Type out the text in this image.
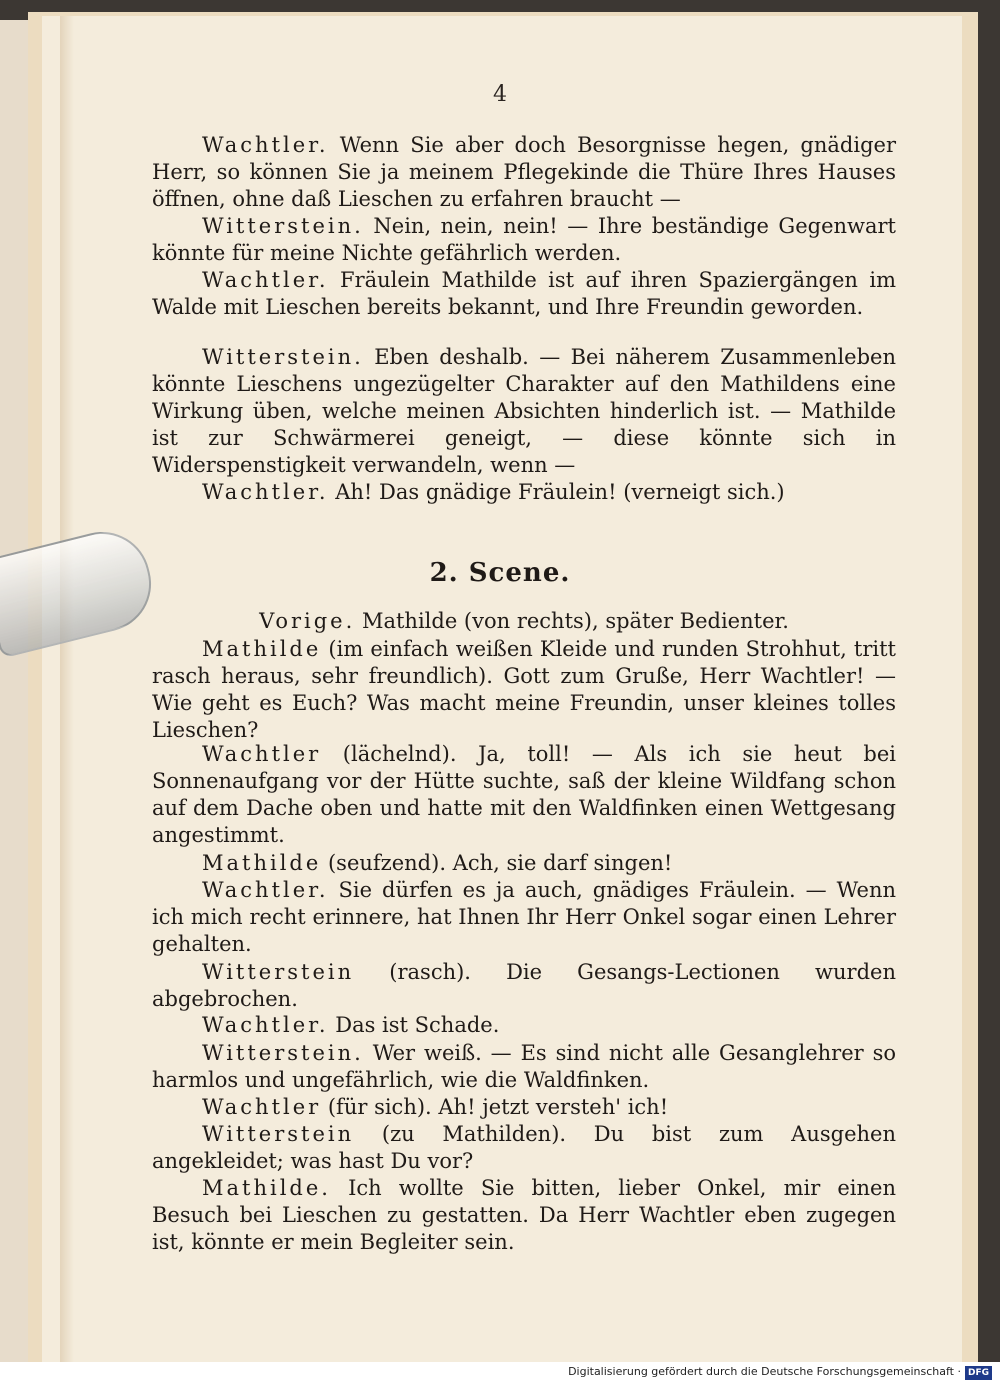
4

Wachtler. Wenn Sie aber doch Besorgnisse hegen, gnädiger Herr, so können Sie ja meinem Pflegekinde die Thüre Ihres Hauses öffnen, ohne daß Lieschen zu erfahren braucht —

Witterstein. Nein, nein, nein! — Ihre beständige Gegenwart könnte für meine Nichte gefährlich werden.

Wachtler. Fräulein Mathilde ist auf ihren Spaziergängen im Walde mit Lieschen bereits bekannt, und Ihre Freundin geworden.

Witterstein. Eben deshalb. — Bei näherem Zusammenleben könnte Lieschens ungezügelter Charakter auf den Mathildens eine Wirkung üben, welche meinen Absichten hinderlich ist. — Mathilde ist zur Schwärmerei geneigt, — diese könnte sich in Widerspenstigkeit verwandeln, wenn —

Wachtler. Ah! Das gnädige Fräulein! (verneigt sich.)

2. Scene.

Vorige. Mathilde (von rechts), später Bedienter.

Mathilde (im einfach weißen Kleide und runden Strohhut, tritt rasch heraus, sehr freundlich). Gott zum Gruße, Herr Wachtler! — Wie geht es Euch? Was macht meine Freundin, unser kleines tolles Lieschen?

Wachtler (lächelnd). Ja, toll! — Als ich sie heut bei Sonnenaufgang vor der Hütte suchte, saß der kleine Wildfang schon auf dem Dache oben und hatte mit den Waldfinken einen Wettgesang angestimmt.

Mathilde (seufzend). Ach, sie darf singen!

Wachtler. Sie dürfen es ja auch, gnädiges Fräulein. — Wenn ich mich recht erinnere, hat Ihnen Ihr Herr Onkel sogar einen Lehrer gehalten.

Witterstein (rasch). Die Gesangs-Lectionen wurden abgebrochen.

Wachtler. Das ist Schade.

Witterstein. Wer weiß. — Es sind nicht alle Gesanglehrer so harmlos und ungefährlich, wie die Waldfinken.

Wachtler (für sich). Ah! jetzt versteh' ich!

Witterstein (zu Mathilden). Du bist zum Ausgehen angekleidet; was hast Du vor?

Mathilde. Ich wollte Sie bitten, lieber Onkel, mir einen Besuch bei Lieschen zu gestatten. Da Herr Wachtler eben zugegen ist, könnte er mein Begleiter sein.

Digitalisierung gefördert durch die Deutsche Forschungsgemeinschaft · DFG
